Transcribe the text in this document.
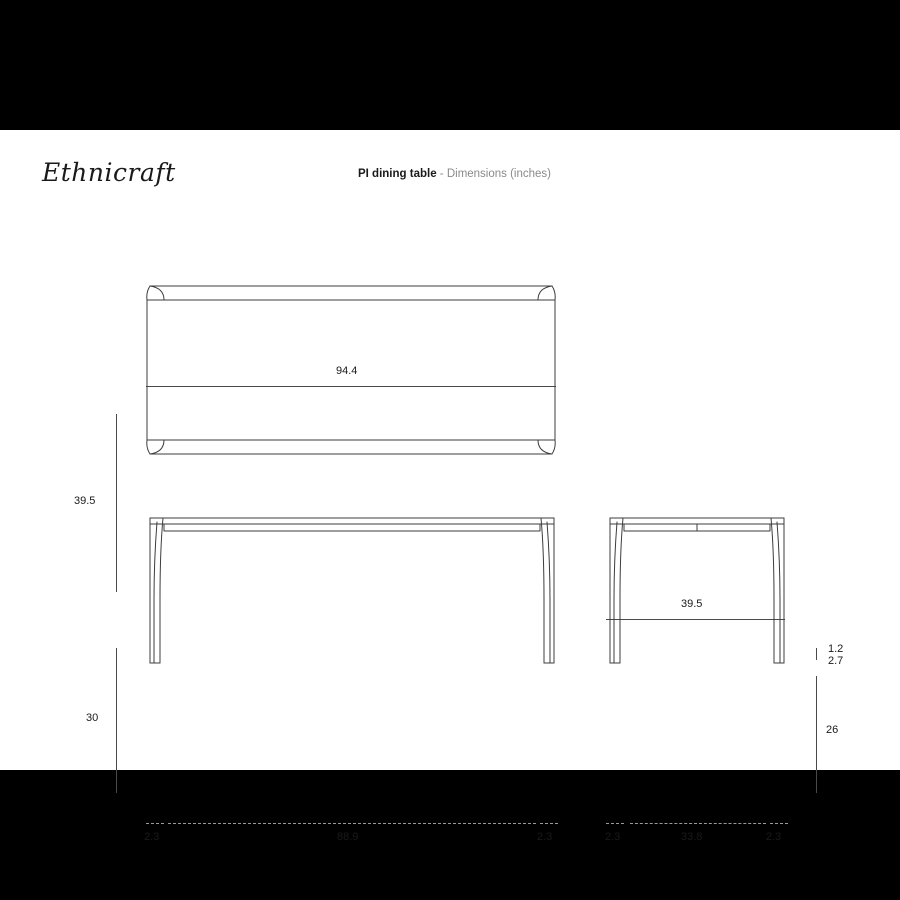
Ethnicraft	PI dining table - Dimensions (inches)
94.4
39.5
30
2.3	88.9	2.3
39.5
1.2
2.7
26
2.3	33.8	2.3
